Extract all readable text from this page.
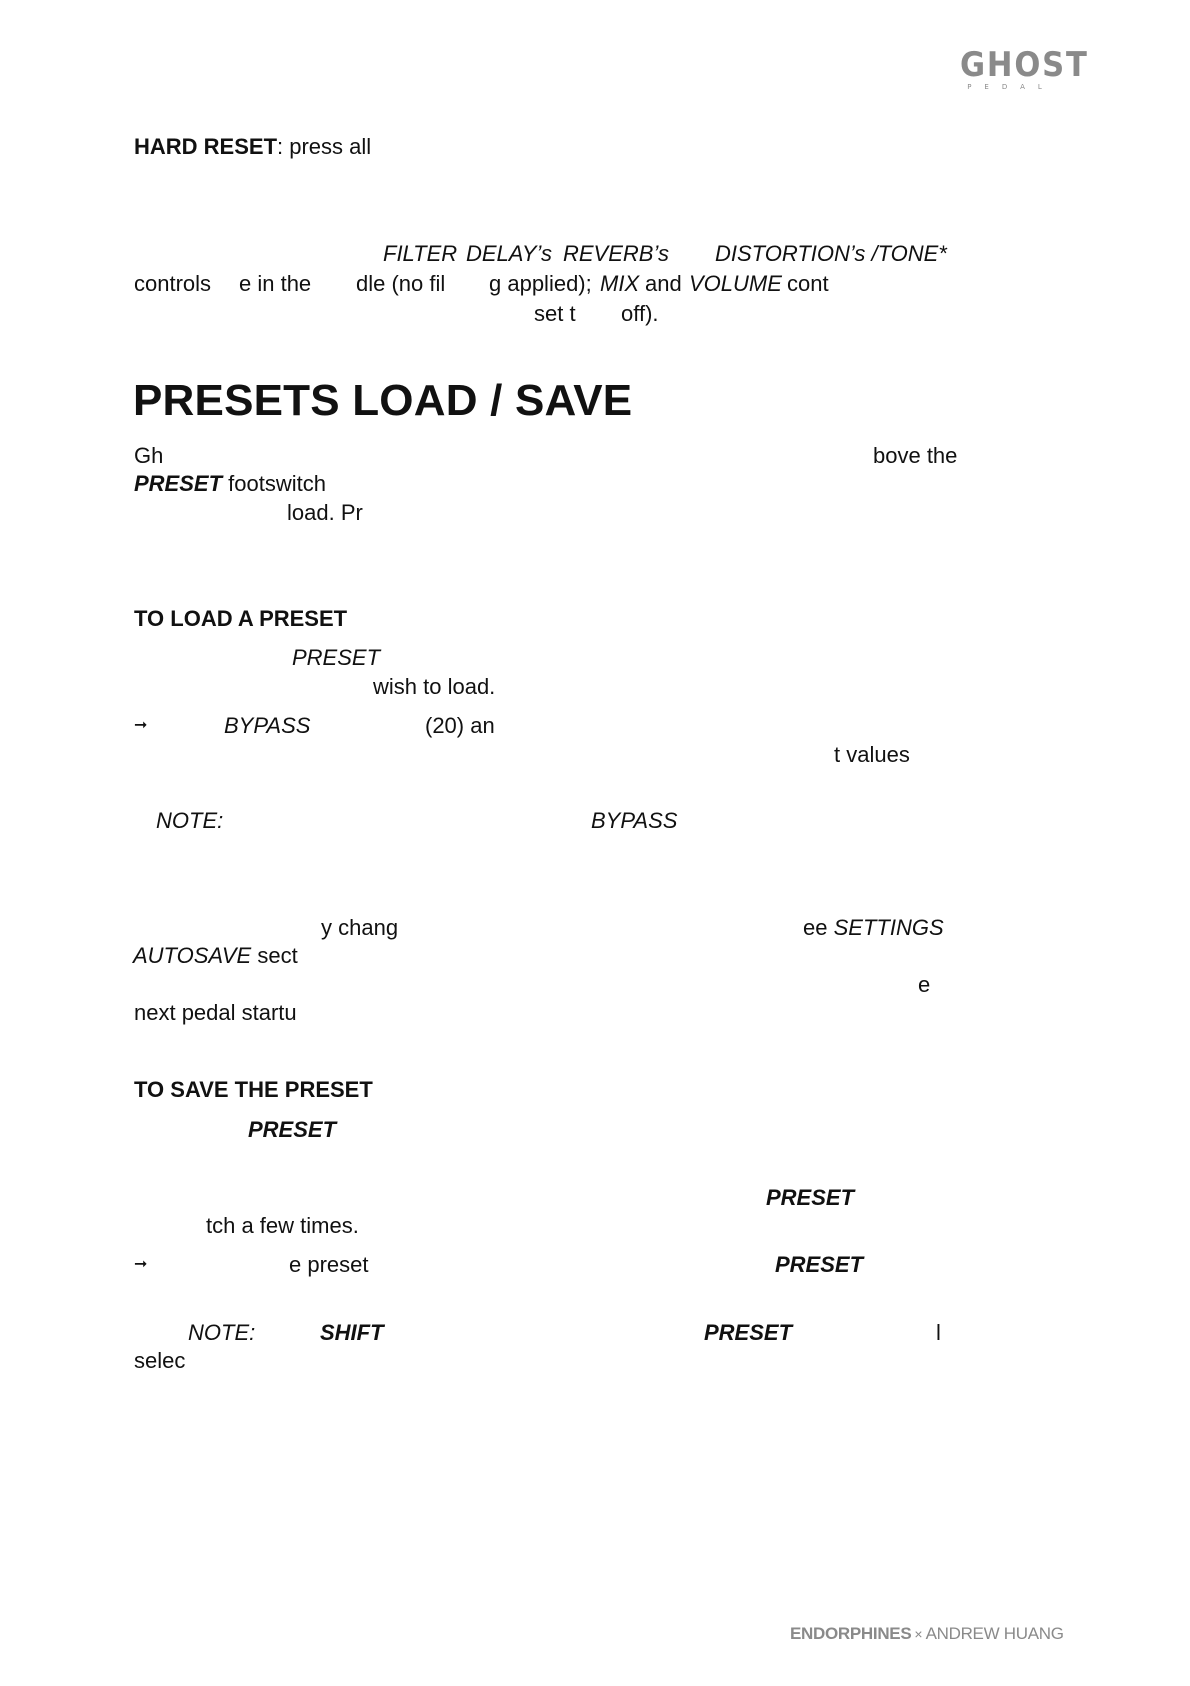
GHOST
PEDAL
HARD RESET: press all
FILTER DELAY’s REVERB’s DISTORTION’s /TONE*
controls e in the dle (no fil g applied); MIX and VOLUME cont
set t off).
PRESETS LOAD / SAVE
Gh	bove the
PRESET footswitch
load. Pr
TO LOAD A PRESET
PRESET
wish to load.
➞	BYPASS	(20) an
t values
NOTE:	BYPASS
y chang	ee SETTINGS
AUTOSAVE sect
e
next pedal startu
TO SAVE THE PRESET
PRESET
PRESET
tch a few times.
➞	e preset	PRESET
NOTE:	SHIFT	PRESET	l
selec
ENDORPHINES × ANDREW HUANG
